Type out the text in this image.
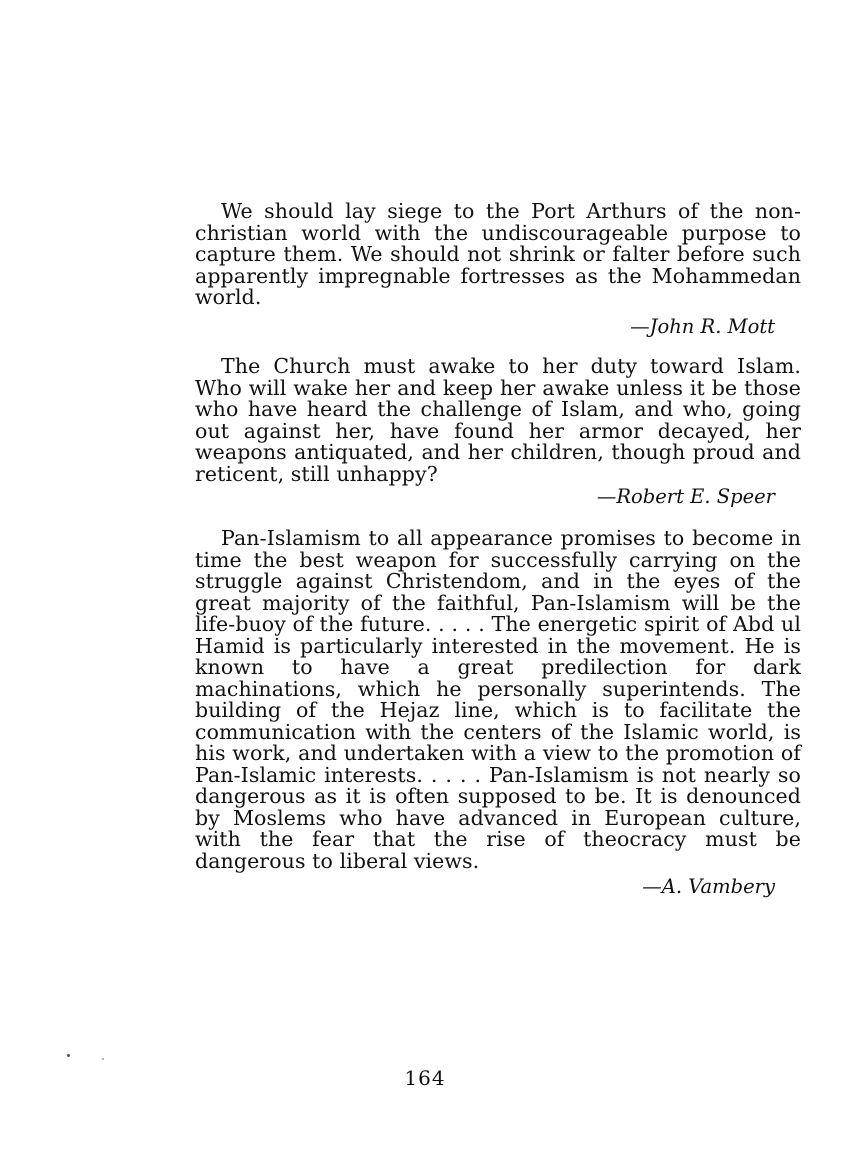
We should lay siege to the Port Arthurs of the non-christian world with the undiscourageable purpose to capture them. We should not shrink or falter before such apparently impregnable fortresses as the Mohammedan world.

—John R. Mott

The Church must awake to her duty toward Islam. Who will wake her and keep her awake unless it be those who have heard the challenge of Islam, and who, going out against her, have found her armor decayed, her weapons antiquated, and her children, though proud and reticent, still unhappy?

—Robert E. Speer

Pan-Islamism to all appearance promises to become in time the best weapon for successfully carrying on the struggle against Christendom, and in the eyes of the great majority of the faithful, Pan-Islamism will be the life-buoy of the future. . . . . The energetic spirit of Abd ul Hamid is particularly interested in the movement. He is known to have a great predilection for dark machinations, which he personally superintends. The building of the Hejaz line, which is to facilitate the communication with the centers of the Islamic world, is his work, and undertaken with a view to the promotion of Pan-Islamic interests. . . . . Pan-Islamism is not nearly so dangerous as it is often supposed to be. It is denounced by Moslems who have advanced in European culture, with the fear that the rise of theocracy must be dangerous to liberal views.

—A. Vambery

164
